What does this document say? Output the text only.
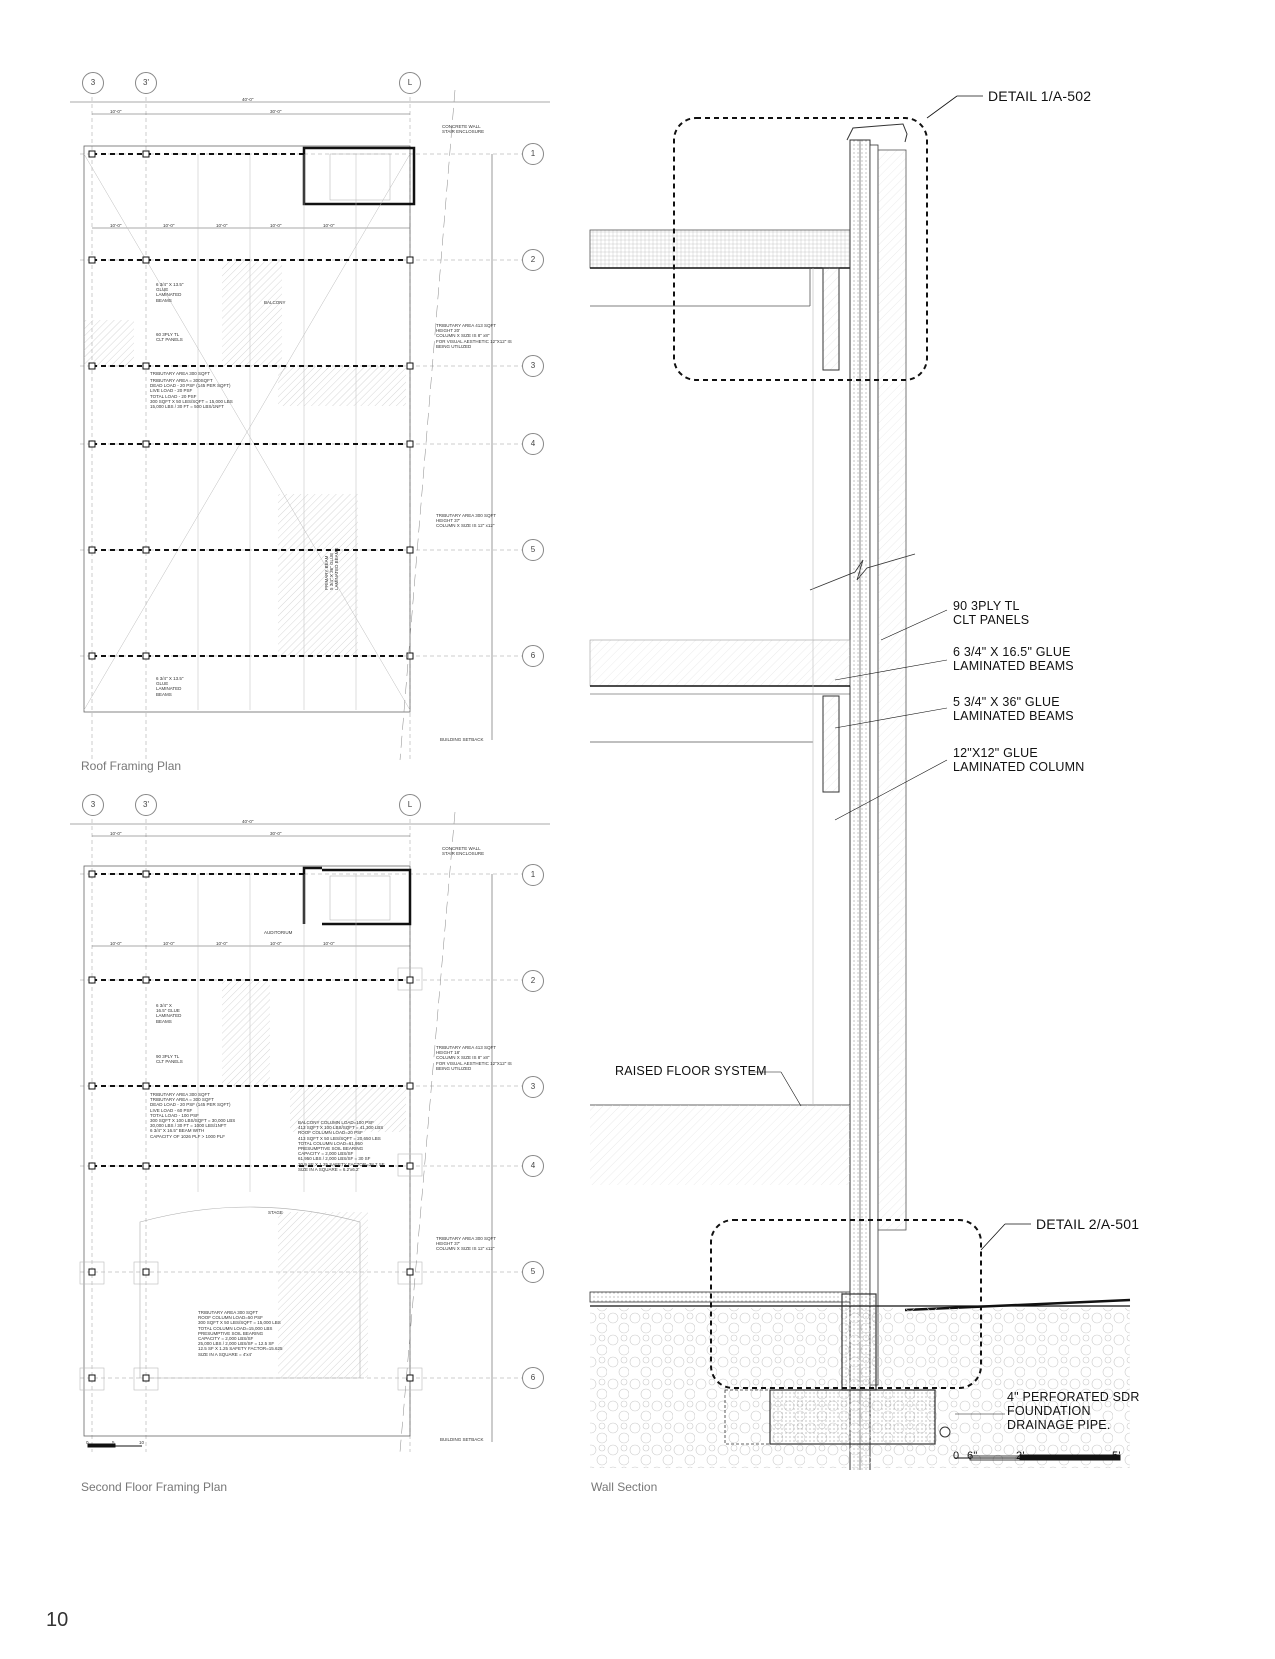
3	3'	L
1
2
3
4
5
6
40'-0"
10'-0"	30'-0"
10'-0"	10'-0"	10'-0"	10'-0"	10'-0"
CONCRETE WALL
STAIR ENCLOSURE
6 3/4" X 13.5"
GLUE
LAMINATED
BEAMS	BALCONY
60 3PLY TL
CLT PANELS
TRIBUTARY AREA 413 SQFT
HEIGHT 20'
COLUMN X SIZE IS 8" x8"
FOR VISUAL AESTHETIC 12"X12" IS
BEING UTILIZED
TRIBUTARY AREA 300 SQFT
TRIBUTARY AREA = 300SQFT
DEAD LOAD - 20 PSF (145 PER SQFT)
LIVE LOAD - 20 PSF
TOTAL LOAD - 20 PSF
300 SQFT X 50 LBS/SQFT = 15,000 LBS
15,000 LBS / 30 FT = 500 LBS/1NFT
TRIBUTARY AREA 300 SQFT
HEIGHT 37'
COLUMN X SIZE IS 12" x12"
6 3/4" X 13.5"
GLUE
LAMINATED
BEAMS
PRIMARY BEAM 5 3/4" X 36" GLUE LAMINATED BEAMS
BUILDING SETBACK
Roof Framing Plan
3	3'	L
1
2
3
4
5
6
40'-0"
10'-0"	30'-0"
10'-0"	10'-0"	10'-0"	10'-0"	10'-0"
CONCRETE WALL
STAIR ENCLOSURE
AUDITORIUM
6 3/4" X
16.5" GLUE
LAMINATED
BEAMS
90 3PLY TL
CLT PANELS
TRIBUTARY AREA 413 SQFT
HEIGHT 18'
COLUMN X SIZE IS 8" x8"
FOR VISUAL AESTHETIC 12"X12" IS
BEING UTILIZED
TRIBUTARY AREA 300 SQFT
TRIBUTARY AREA = 300 SQFT
DEAD LOAD - 20 PSF (145 PER SQFT)
LIVE LOAD - 60 PSF
TOTAL LOAD - 100 PSF
300 SQFT X 100 LBS/SQFT = 30,000 LBS
30,000 LBS / 30 FT = 1000 LBS/1NFT
6 3/4" X 16.5" BEAM WITH
CAPACITY OF 1026 PLF > 1000 PLF
BALCONY COLUMN LOAD=100 PSF
413 SQFT X 100 LBS/SQFT = 41,300 LBS
ROOF COLUMN LOAD=20 PSF
413 SQFT X 50 LBS/SQFT = 20,650 LBS
TOTAL COLUMN LOAD=61,950
PRESUMPTIVE SOIL BEARING
CAPACITY = 2,000 LBS/SF
61,950 LBS / 2,000 LBS/SF = 30 SF
30.9 SF X 1.25 SAFETY FACTOR=38.7 SF
SIZE IN A SQUARE = 6.2'x6.2'
STAGE
TRIBUTARY AREA 300 SQFT
HEIGHT 37'
COLUMN X SIZE IS 12" x12"
TRIBUTARY AREA 300 SQFT
ROOF COLUMN LOAD=50 PSF
300 SQFT X 50 LBS/SQFT = 15,000 LBS
TOTAL COLUMN LOAD=15,000 LBS
PRESUMPTIVE SOIL BEARING
CAPACITY = 2,000 LBS/SF
25,000 LBS / 2,000 LBS/SF = 12.5 SF
12.5 SF X 1.25 SAFETY FACTOR=15.625
SIZE IN A SQUARE = 4'x4'
BUILDING SETBACK
0	5	10
Second Floor Framing Plan
DETAIL 1/A-502
DETAIL 2/A-501
90 3PLY TL
CLT PANELS
6 3/4" X 16.5" GLUE
LAMINATED BEAMS
5 3/4" X 36" GLUE
LAMINATED BEAMS
12"X12" GLUE
LAMINATED COLUMN
RAISED FLOOR SYSTEM
4" PERFORATED SDR
FOUNDATION
DRAINAGE PIPE.
0 6"	2'	5'
Wall Section
10
